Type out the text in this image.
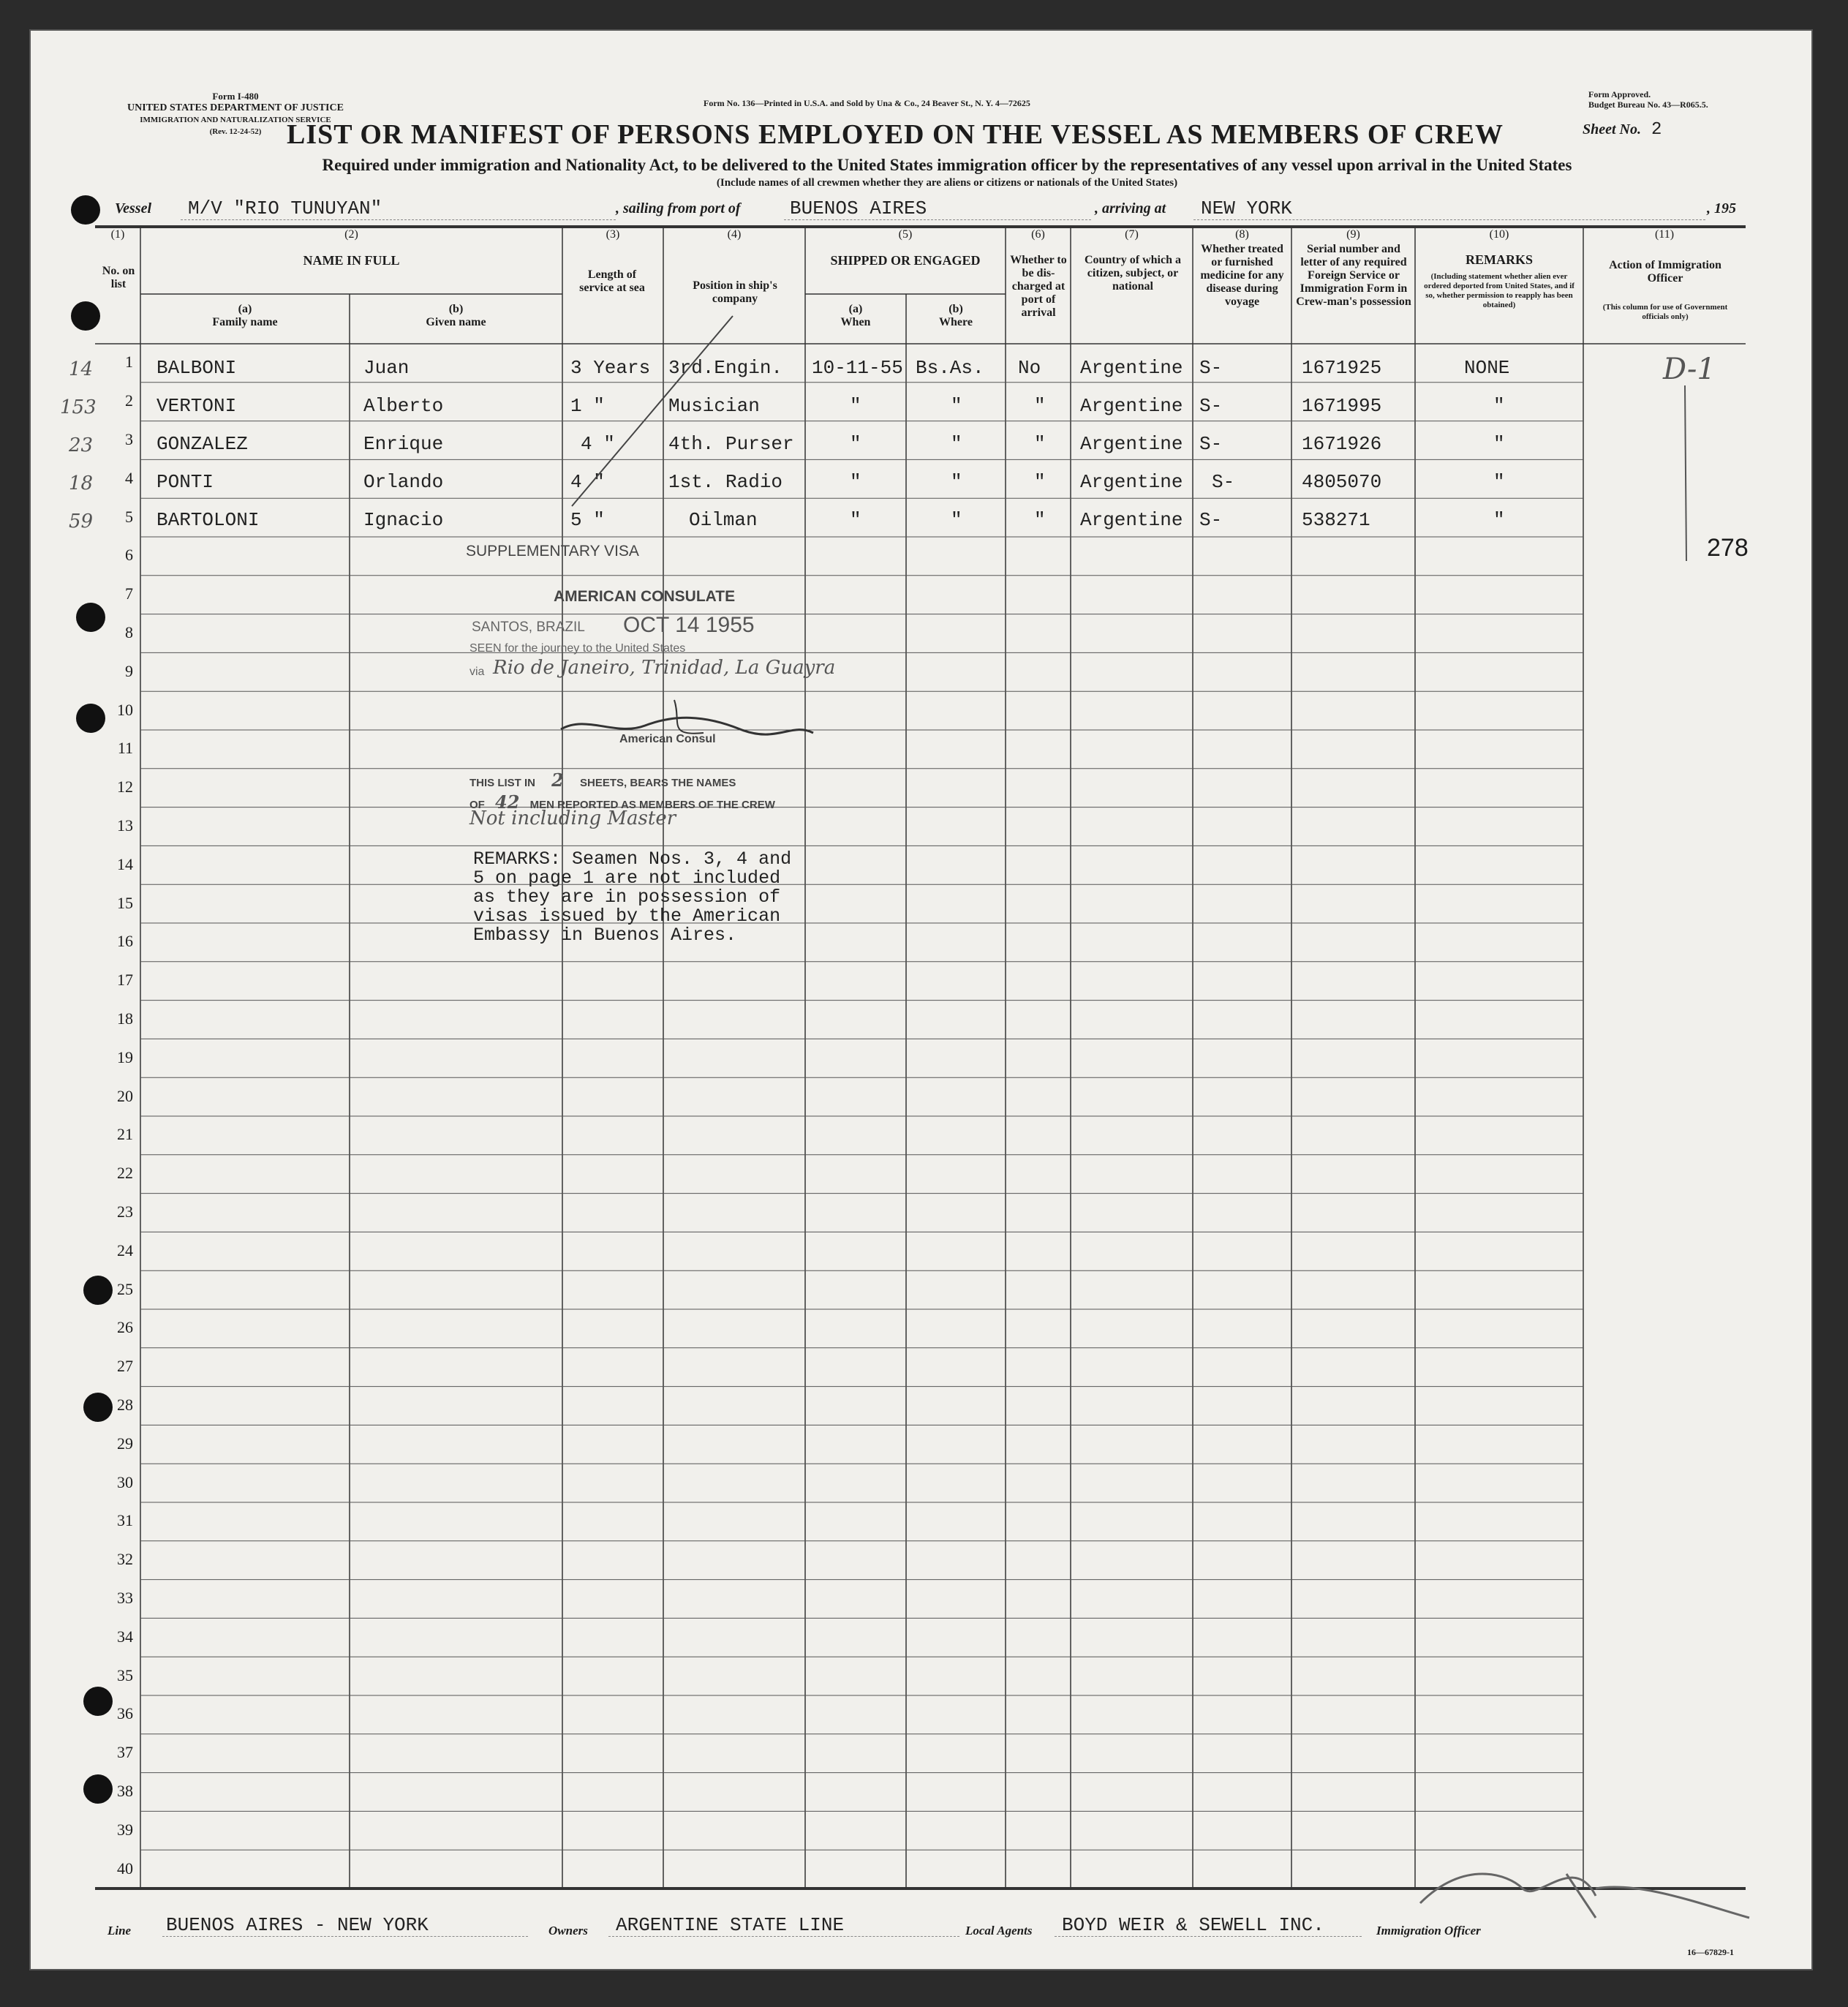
Form I-480
UNITED STATES DEPARTMENT OF JUSTICE
IMMIGRATION AND NATURALIZATION SERVICE
(Rev. 12-24-52)
Form No. 136—Printed in U.S.A. and Sold by Una & Co., 24 Beaver St., N. Y. 4—72625
Form Approved.
Budget Bureau No. 43—R065.5.
Sheet No. 2
LIST OR MANIFEST OF PERSONS EMPLOYED ON THE VESSEL AS MEMBERS OF CREW
Required under immigration and Nationality Act, to be delivered to the United States immigration officer by the representatives of any vessel upon arrival in the United States
(Include names of all crewmen whether they are aliens or citizens or nationals of the United States)
Vessel M/V "RIO TUNUYAN"	, sailing from port of	BUENOS AIRES	, arriving at NEW YORK	, 195
(1)	(2)	(3)	(4)	(5)	(6)	(7)	(8)	(9)	(10)	(11)
No. on list
NAME IN FULL
(a)
Family name
(b)
Given name
Length of service at sea	Position in ship's company
SHIPPED OR ENGAGED
(a)
When
(b)
Where
Whether to be dis-charged at port of arrival
Country of which a citizen, subject, or national
Whether treated or furnished medicine for any disease during voyage
Serial number and letter of any required Foreign Service or Immigration Form in Crew-man's possession
REMARKS
(Including statement whether alien ever ordered deported from United States, and if so, whether permission to reapply has been obtained)
Action of Immigration Officer
(This column for use of Government officials only)
1
2
3
4
5
6
7
8
9
10
11
12
13
14
15
16
17
18
19
20
21
22
23
24
25
26
27
28
29
30
31
32
33
34
35
36
37
38
39
40
14	BALBONI	Juan	3 Years 3rd.Engin. 10-11-55 Bs.As. No Argentine S-	1671925	NONE
153	VERTONI	Alberto	1 "	Musician	"	"	" Argentine S-	1671995	"
23	GONZALEZ	Enrique	4 "	4th. Purser	"	"	" Argentine S-	1671926	"
18	PONTI	Orlando	4 "	1st. Radio	"	"	" Argentine S-	4805070	"
59	BARTOLONI	Ignacio	5 "	Oilman	"	"	" Argentine S-	538271	"
D-1
278
SUPPLEMENTARY VISA
AMERICAN CONSULATE
SANTOS, BRAZIL OCT 14 1955
SEEN for the journey to the United States
via Rio de Janeiro, Trinidad, La Guayra
American Consul
THIS LIST IN 2 SHEETS, BEARS THE NAMES
OF 42 MEN REPORTED AS MEMBERS OF THE CREW
Not including Master
REMARKS: Seamen Nos. 3, 4 and
5 on page 1 are not included
as they are in possession of
visas issued by the American
Embassy in Buenos Aires.
Line BUENOS AIRES - NEW YORK	Owners ARGENTINE STATE LINE	Local Agents BOYD WEIR & SEWELL INC.	Immigration Officer
16—67829-1
